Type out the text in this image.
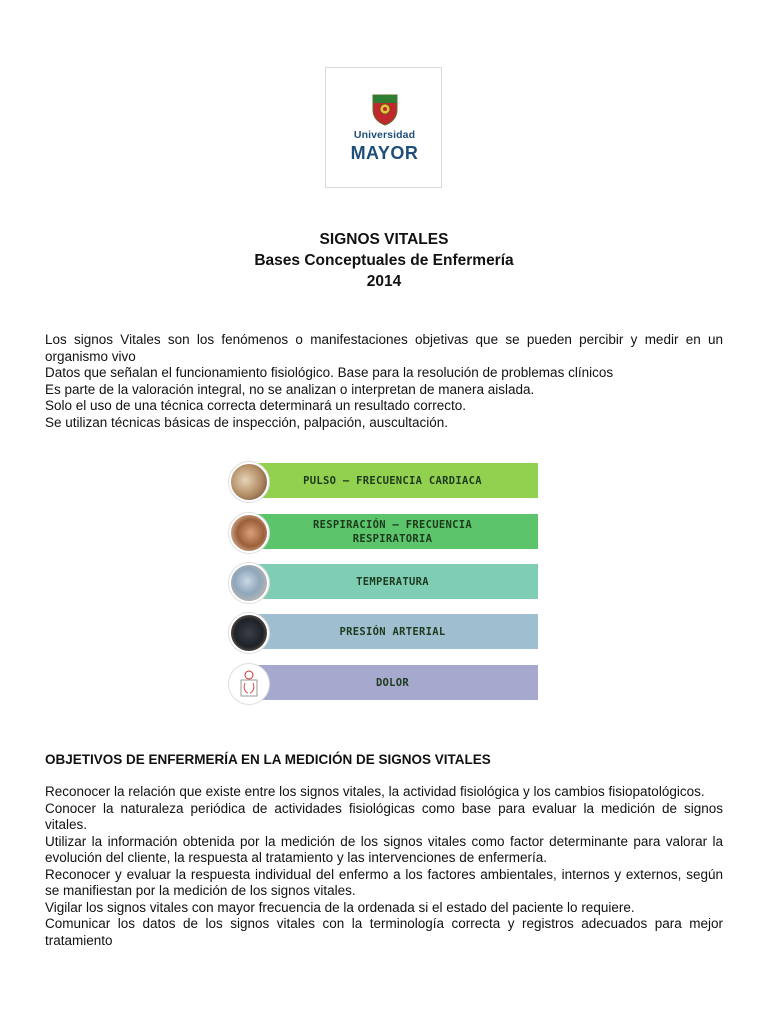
Universidad
MAYOR
SIGNOS VITALES
Bases Conceptuales de Enfermería
2014

Los signos Vitales son los fenómenos o manifestaciones objetivas que se pueden percibir y medir en un

organismo vivo

Datos que señalan el funcionamiento fisiológico. Base para la resolución de problemas clínicos

Es parte de la valoración integral, no se analizan o interpretan de manera aislada.

Solo el uso de una técnica correcta determinará un resultado correcto.

Se utilizan técnicas básicas de inspección, palpación, auscultación.

PULSO – FRECUENCIA CARDIACA
RESPIRACIÓN – FRECUENCIA
RESPIRATORIA
TEMPERATURA
PRESIÓN ARTERIAL
DOLOR
OBJETIVOS DE ENFERMERÍA EN LA MEDICIÓN DE SIGNOS VITALES

Reconocer la relación que existe entre los signos vitales, la actividad fisiológica y los cambios fisiopatológicos.

Conocer la naturaleza periódica de actividades fisiológicas como base para evaluar la medición de signos

vitales.

Utilizar la información obtenida por la medición de los signos vitales como factor determinante para valorar la

evolución del cliente, la respuesta al tratamiento y las intervenciones de enfermería.

Reconocer y evaluar la respuesta individual del enfermo a los factores ambientales, internos y externos, según

se manifiestan por la medición de los signos vitales.

Vigilar los signos vitales con mayor frecuencia de la ordenada si el estado del paciente lo requiere.

Comunicar los datos de los signos vitales con la terminología correcta y registros adecuados para mejor

tratamiento
